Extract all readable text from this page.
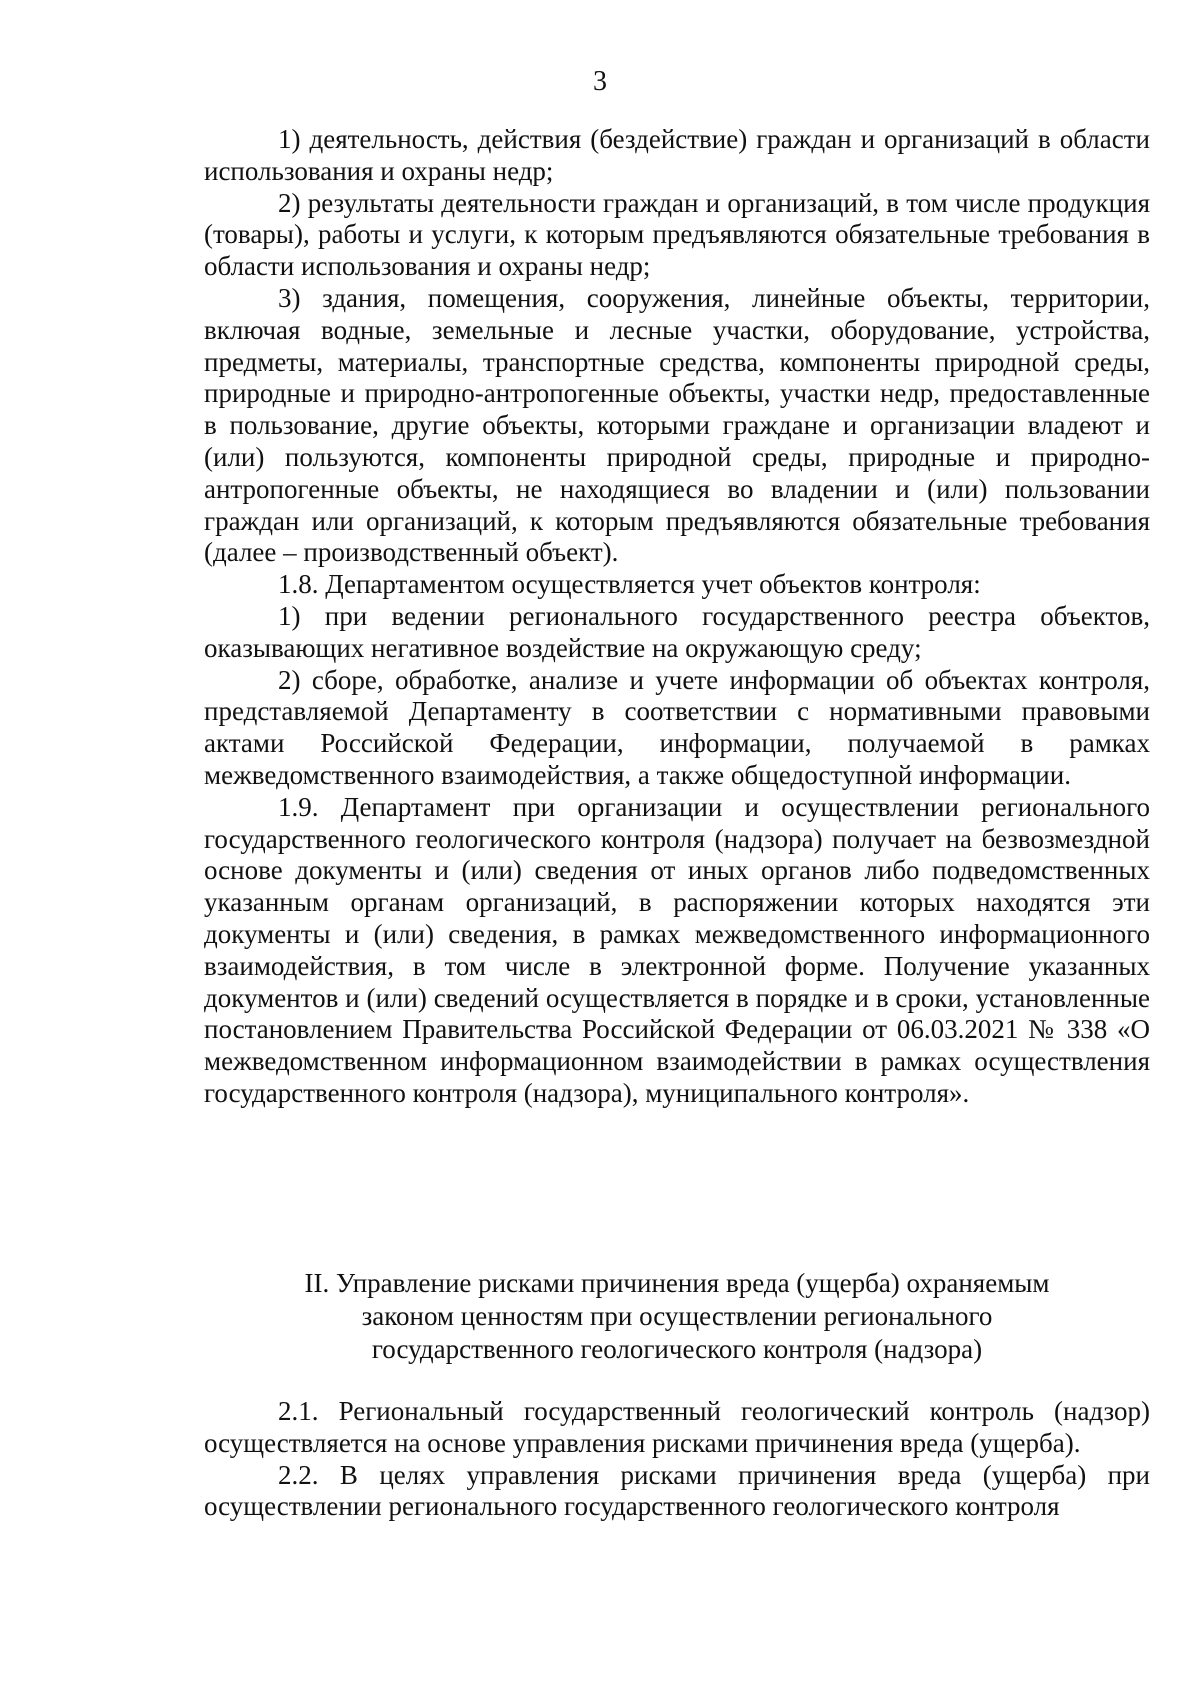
3

1) деятельность, действия (бездействие) граждан и организаций в области использования и охраны недр;

2) результаты деятельности граждан и организаций, в том числе продукция (товары), работы и услуги, к которым предъявляются обязательные требования в области использования и охраны недр;

3) здания, помещения, сооружения, линейные объекты, территории, включая водные, земельные и лесные участки, оборудование, устройства, предметы, материалы, транспортные средства, компоненты природной среды, природные и природно-антропогенные объекты, участки недр, предоставленные в пользование, другие объекты, которыми граждане и организации владеют и (или) пользуются, компоненты природной среды, природные и природно-антропогенные объекты, не находящиеся во владении и (или) пользовании граждан или организаций, к которым предъявляются обязательные требования (далее – производственный объект).

1.8. Департаментом осуществляется учет объектов контроля:

1) при ведении регионального государственного реестра объектов, оказывающих негативное воздействие на окружающую среду;

2) сборе, обработке, анализе и учете информации об объектах контроля, представляемой Департаменту в соответствии с нормативными правовыми актами Российской Федерации, информации, получаемой в рамках межведомственного взаимодействия, а также общедоступной информации.

1.9. Департамент при организации и осуществлении регионального государственного геологического контроля (надзора) получает на безвозмездной основе документы и (или) сведения от иных органов либо подведомственных указанным органам организаций, в распоряжении которых находятся эти документы и (или) сведения, в рамках межведомственного информационного взаимодействия, в том числе в электронной форме. Получение указанных документов и (или) сведений осуществляется в порядке и в сроки, установленные постановлением Правительства Российской Федерации от 06.03.2021 № 338 «О межведомственном информационном взаимодействии в рамках осуществления государственного контроля (надзора), муниципального контроля».

II. Управление рисками причинения вреда (ущерба) охраняемым
законом ценностям при осуществлении регионального
государственного геологического контроля (надзора)

2.1. Региональный государственный геологический контроль (надзор) осуществляется на основе управления рисками причинения вреда (ущерба).

2.2. В целях управления рисками причинения вреда (ущерба) при осуществлении регионального государственного геологического контроля
